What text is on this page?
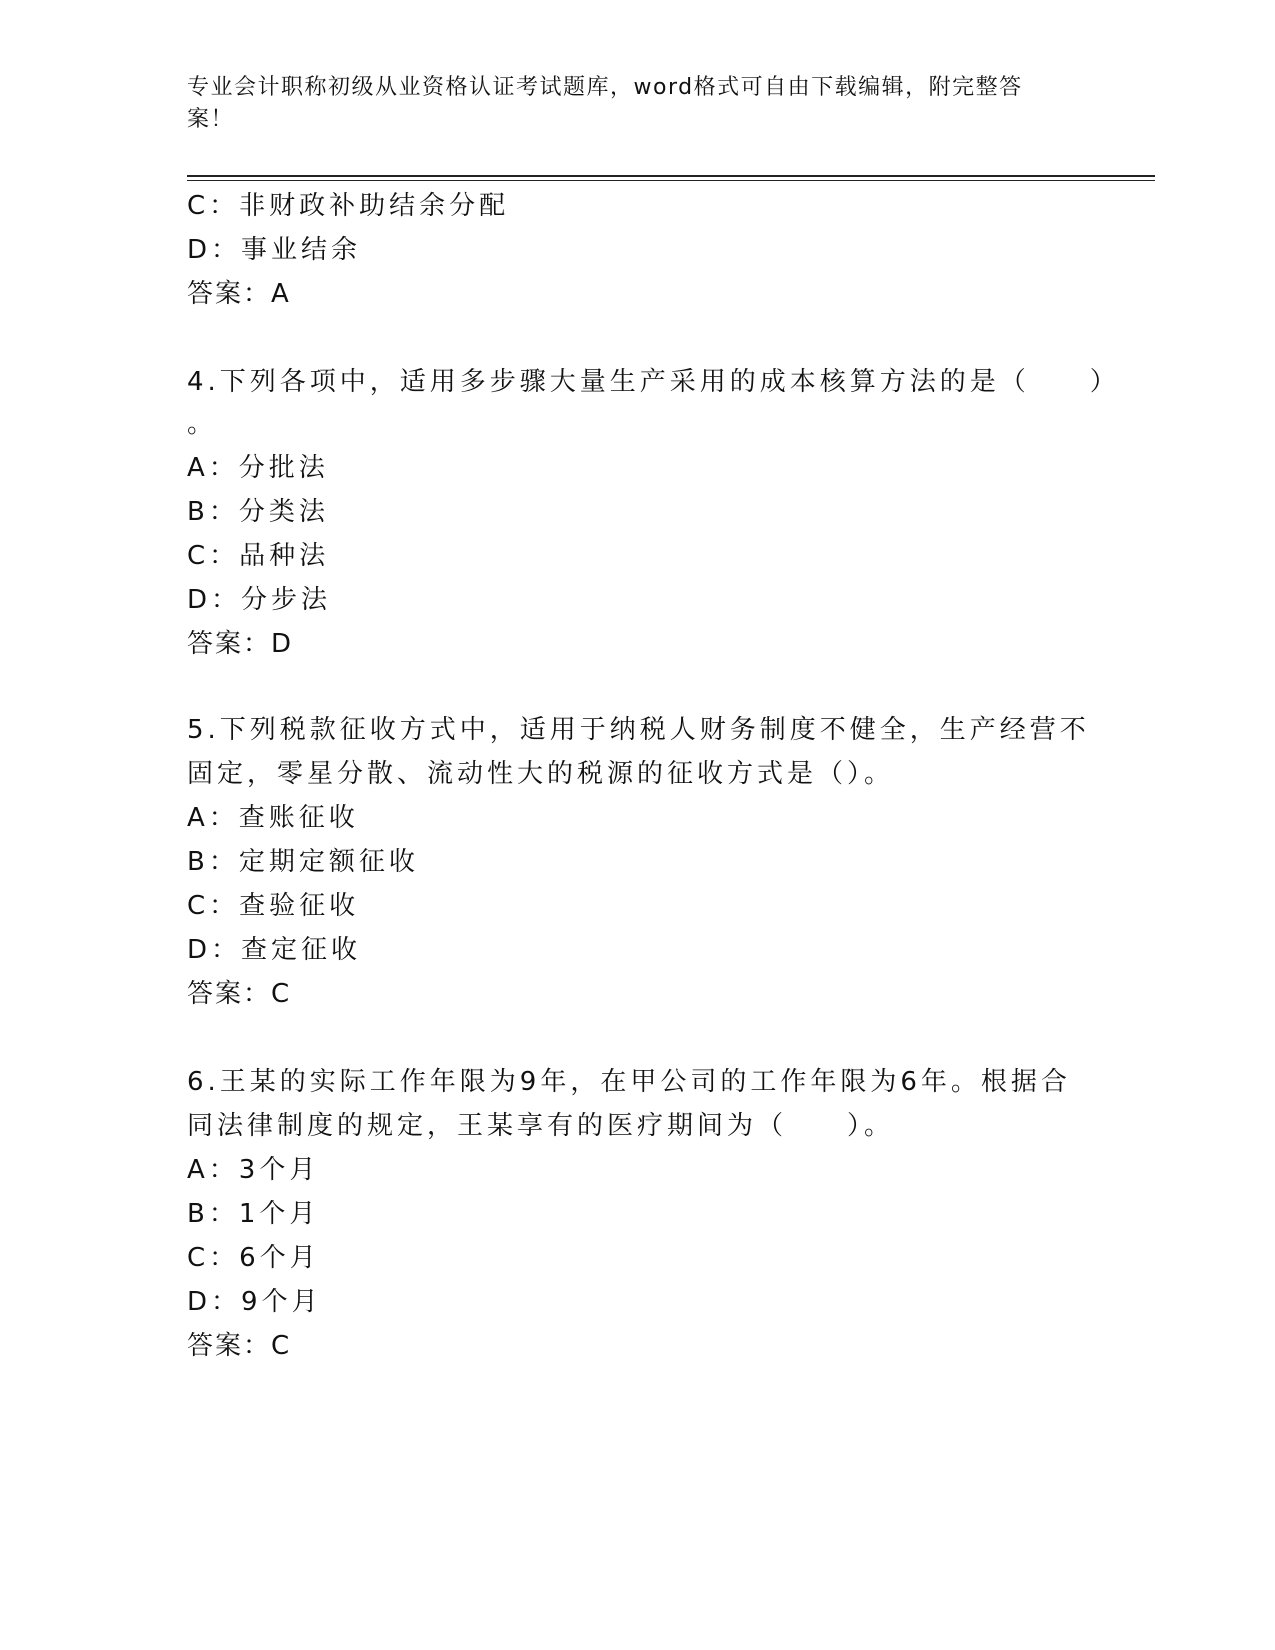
专业会计职称初级从业资格认证考试题库，word格式可自由下载编辑，附完整答
案！
C：非财政补助结余分配
D：事业结余
答案：A
4.下列各项中，适用多步骤大量生产采用的成本核算方法的是（　　）
。
A：分批法
B：分类法
C：品种法
D：分步法
答案：D
5.下列税款征收方式中，适用于纳税人财务制度不健全，生产经营不
固定，零星分散、流动性大的税源的征收方式是（）。
A：查账征收
B：定期定额征收
C：查验征收
D：查定征收
答案：C
6.王某的实际工作年限为9年，在甲公司的工作年限为6年。根据合
同法律制度的规定，王某享有的医疗期间为（　　）。
A：3个月
B：1个月
C：6个月
D：9个月
答案：C
